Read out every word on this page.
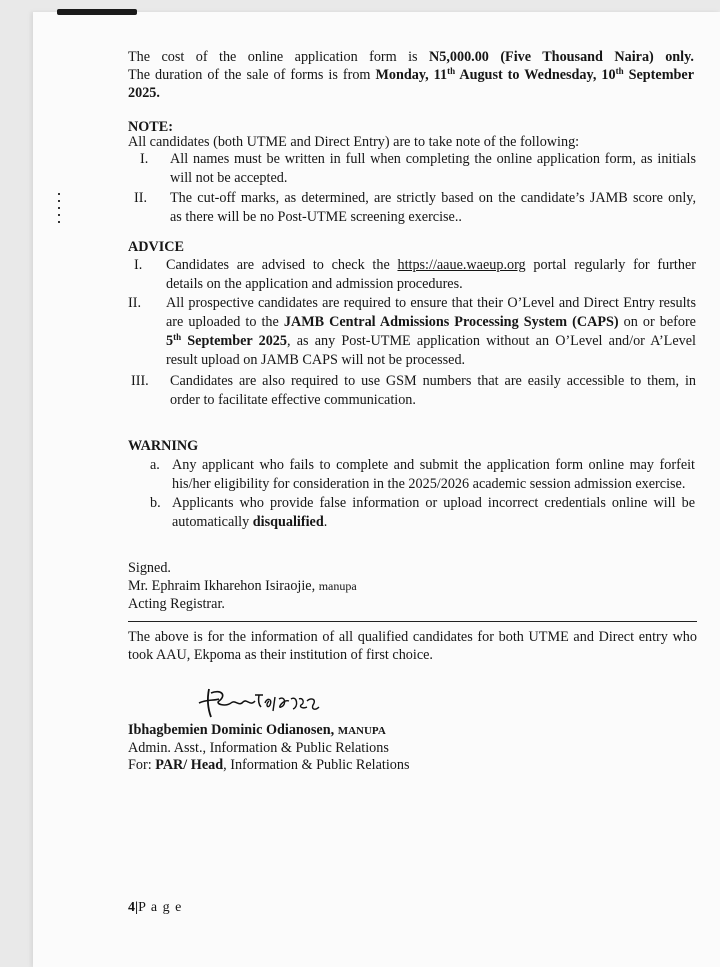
The cost of the online application form is N5,000.00 (Five Thousand Naira) only.
The duration of the sale of forms is from Monday, 11th August to Wednesday, 10th September
2025.
NOTE:
All candidates (both UTME and Direct Entry) are to take note of the following:
I. All names must be written in full when completing the online application form, as initials
will not be accepted.
II. The cut-off marks, as determined, are strictly based on the candidate’s JAMB score only,
as there will be no Post-UTME screening exercise..
ADVICE
I. Candidates are advised to check the https://aaue.waeup.org portal regularly for further
details on the application and admission procedures.
II. All prospective candidates are required to ensure that their O’Level and Direct Entry results
are uploaded to the JAMB Central Admissions Processing System (CAPS) on or before
5th September 2025, as any Post-UTME application without an O’Level and/or A’Level
result upload on JAMB CAPS will not be processed.
III. Candidates are also required to use GSM numbers that are easily accessible to them, in
order to facilitate effective communication.
WARNING
a. Any applicant who fails to complete and submit the application form online may forfeit
his/her eligibility for consideration in the 2025/2026 academic session admission exercise.
b. Applicants who provide false information or upload incorrect credentials online will be
automatically disqualified.
Signed.
Mr. Ephraim Ikharehon Isiraojie, manupa
Acting Registrar.
The above is for the information of all qualified candidates for both UTME and Direct entry who
took AAU, Ekpoma as their institution of first choice.
Ibhagbemien Dominic Odianosen, MANUPA
Admin. Asst., Information & Public Relations
For: PAR/ Head, Information & Public Relations
4|P a g e
